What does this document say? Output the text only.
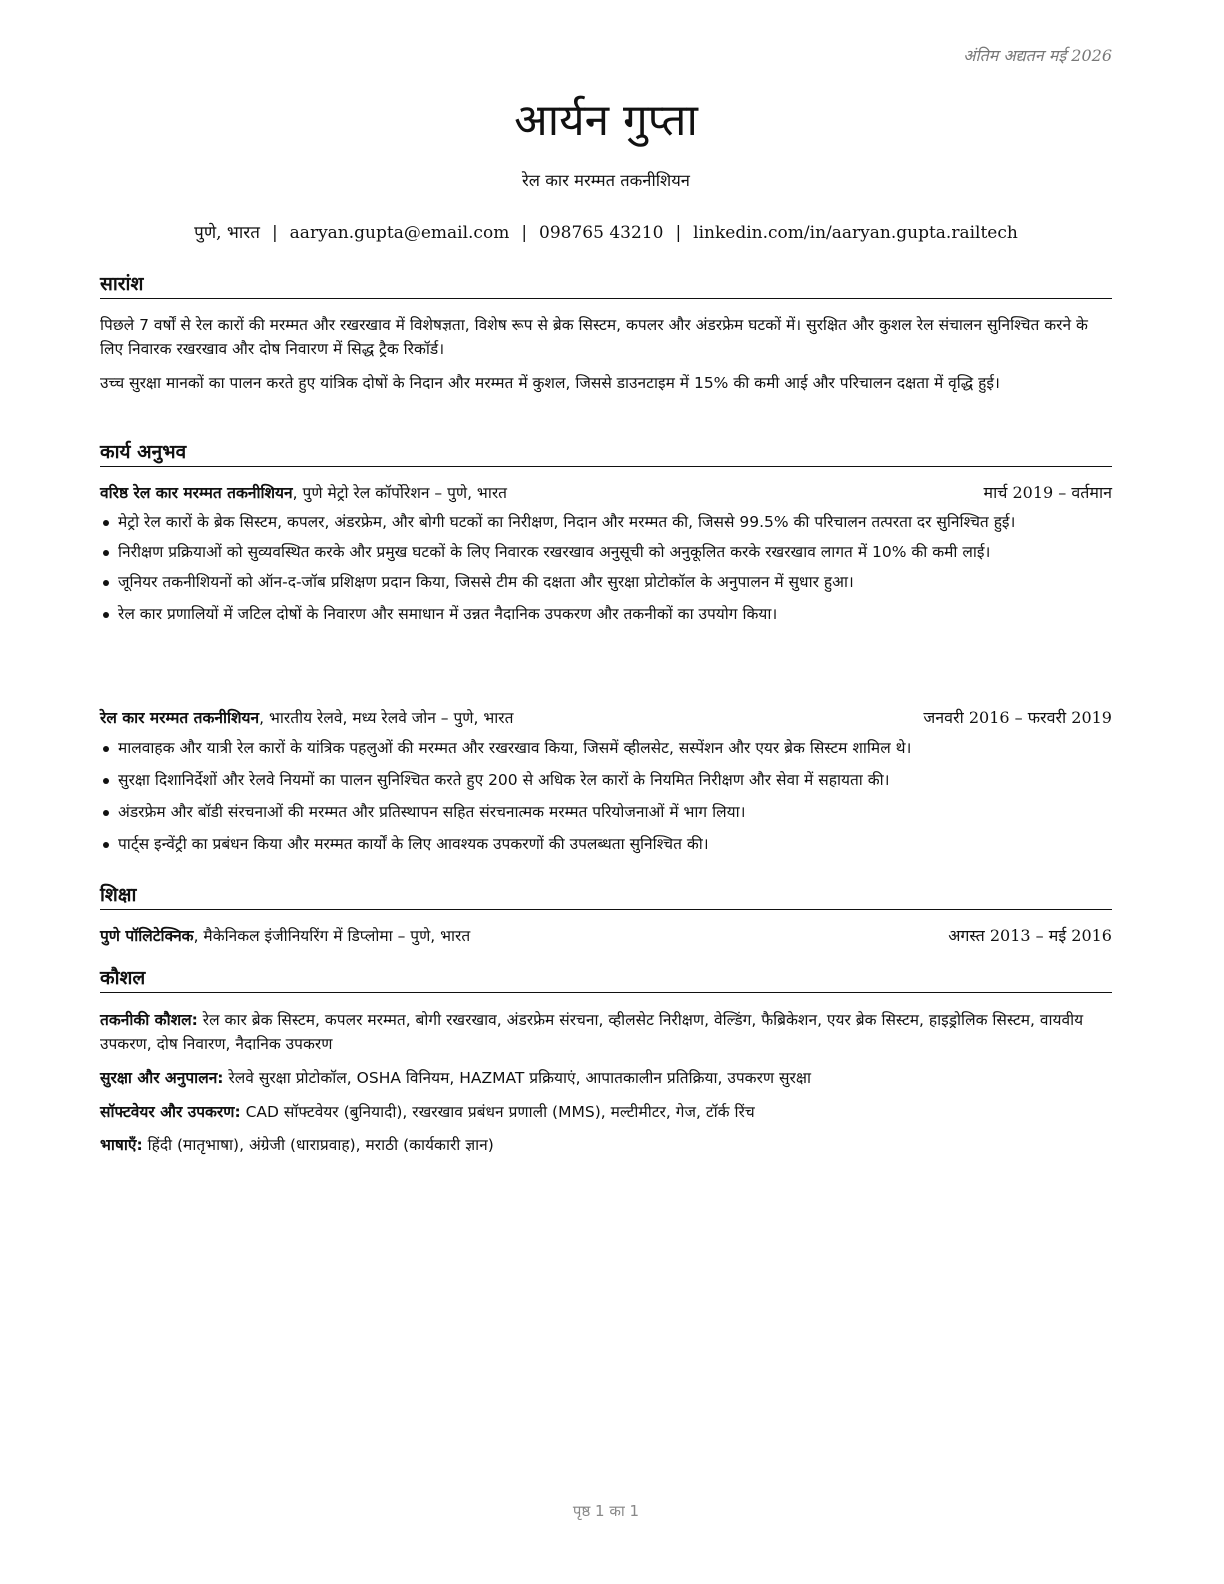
अंतिम अद्यतन मई 2026
आर्यन गुप्ता
रेल कार मरम्मत तकनीशियन
पुणे, भारत | aaryan.gupta@email.com | 098765 43210 | linkedin.com/in/aaryan.gupta.railtech
सारांश
पिछले 7 वर्षों से रेल कारों की मरम्मत और रखरखाव में विशेषज्ञता, विशेष रूप से ब्रेक सिस्टम, कपलर और अंडरफ्रेम घटकों में। सुरक्षित और कुशल रेल संचालन सुनिश्चित करने के लिए निवारक रखरखाव और दोष निवारण में सिद्ध ट्रैक रिकॉर्ड।
उच्च सुरक्षा मानकों का पालन करते हुए यांत्रिक दोषों के निदान और मरम्मत में कुशल, जिससे डाउनटाइम में 15% की कमी आई और परिचालन दक्षता में वृद्धि हुई।
कार्य अनुभव
वरिष्ठ रेल कार मरम्मत तकनीशियन, पुणे मेट्रो रेल कॉर्पोरेशन – पुणे, भारत	मार्च 2019 – वर्तमान
मेट्रो रेल कारों के ब्रेक सिस्टम, कपलर, अंडरफ्रेम, और बोगी घटकों का निरीक्षण, निदान और मरम्मत की, जिससे 99.5% की परिचालन तत्परता दर सुनिश्चित हुई।
निरीक्षण प्रक्रियाओं को सुव्यवस्थित करके और प्रमुख घटकों के लिए निवारक रखरखाव अनुसूची को अनुकूलित करके रखरखाव लागत में 10% की कमी लाई।
जूनियर तकनीशियनों को ऑन-द-जॉब प्रशिक्षण प्रदान किया, जिससे टीम की दक्षता और सुरक्षा प्रोटोकॉल के अनुपालन में सुधार हुआ।
रेल कार प्रणालियों में जटिल दोषों के निवारण और समाधान में उन्नत नैदानिक उपकरण और तकनीकों का उपयोग किया।
रेल कार मरम्मत तकनीशियन, भारतीय रेलवे, मध्य रेलवे जोन – पुणे, भारत	जनवरी 2016 – फरवरी 2019
मालवाहक और यात्री रेल कारों के यांत्रिक पहलुओं की मरम्मत और रखरखाव किया, जिसमें व्हीलसेट, सस्पेंशन और एयर ब्रेक सिस्टम शामिल थे।
सुरक्षा दिशानिर्देशों और रेलवे नियमों का पालन सुनिश्चित करते हुए 200 से अधिक रेल कारों के नियमित निरीक्षण और सेवा में सहायता की।
अंडरफ्रेम और बॉडी संरचनाओं की मरम्मत और प्रतिस्थापन सहित संरचनात्मक मरम्मत परियोजनाओं में भाग लिया।
पार्ट्स इन्वेंट्री का प्रबंधन किया और मरम्मत कार्यों के लिए आवश्यक उपकरणों की उपलब्धता सुनिश्चित की।
शिक्षा
पुणे पॉलिटेक्निक, मैकेनिकल इंजीनियरिंग में डिप्लोमा – पुणे, भारत	अगस्त 2013 – मई 2016
कौशल
तकनीकी कौशल: रेल कार ब्रेक सिस्टम, कपलर मरम्मत, बोगी रखरखाव, अंडरफ्रेम संरचना, व्हीलसेट निरीक्षण, वेल्डिंग, फैब्रिकेशन, एयर ब्रेक सिस्टम, हाइड्रोलिक सिस्टम, वायवीय उपकरण, दोष निवारण, नैदानिक उपकरण
सुरक्षा और अनुपालन: रेलवे सुरक्षा प्रोटोकॉल, OSHA विनियम, HAZMAT प्रक्रियाएं, आपातकालीन प्रतिक्रिया, उपकरण सुरक्षा
सॉफ्टवेयर और उपकरण: CAD सॉफ्टवेयर (बुनियादी), रखरखाव प्रबंधन प्रणाली (MMS), मल्टीमीटर, गेज, टॉर्क रिंच
भाषाएँ: हिंदी (मातृभाषा), अंग्रेजी (धाराप्रवाह), मराठी (कार्यकारी ज्ञान)
पृष्ठ 1 का 1
